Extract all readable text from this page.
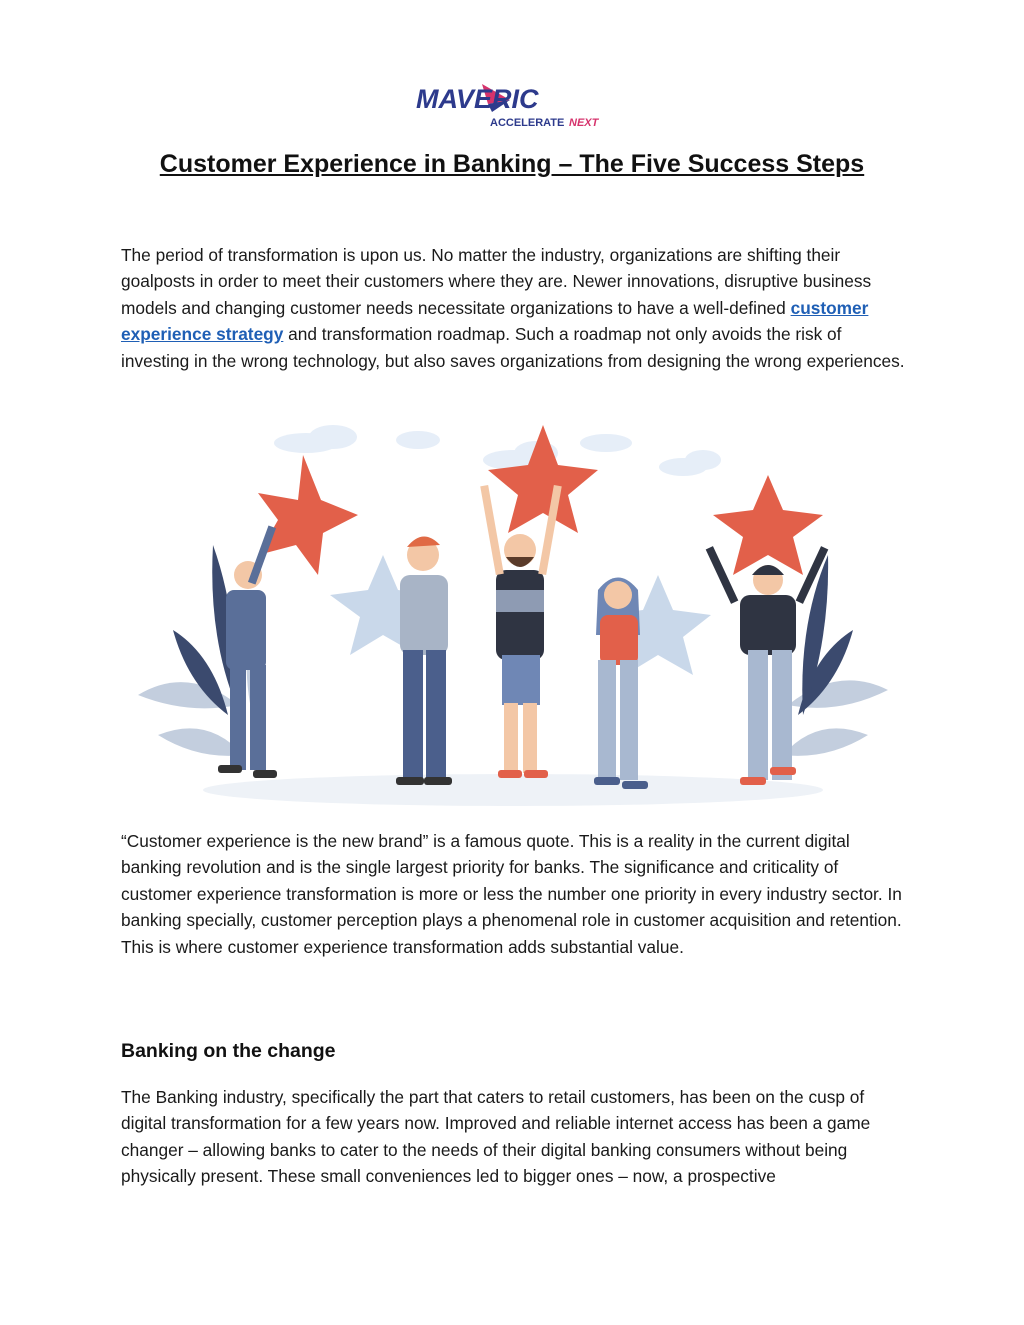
MAVERIC
ACCELERATE NEXT
Customer Experience in Banking – The Five Success Steps

The period of transformation is upon us. No matter the industry, organizations are shifting their goalposts in order to meet their customers where they are. Newer innovations, disruptive business models and changing customer needs necessitate organizations to have a well-defined customer experience strategy and transformation roadmap. Such a roadmap not only avoids the risk of investing in the wrong technology, but also saves organizations from designing the wrong experiences.

“Customer experience is the new brand” is a famous quote. This is a reality in the current digital banking revolution and is the single largest priority for banks. The significance and criticality of customer experience transformation is more or less the number one priority in every industry sector. In banking specially, customer perception plays a phenomenal role in customer acquisition and retention. This is where customer experience transformation adds substantial value.

Banking on the change

The Banking industry, specifically the part that caters to retail customers, has been on the cusp of digital transformation for a few years now. Improved and reliable internet access has been a game changer – allowing banks to cater to the needs of their digital banking consumers without being physically present. These small conveniences led to bigger ones – now, a prospective
